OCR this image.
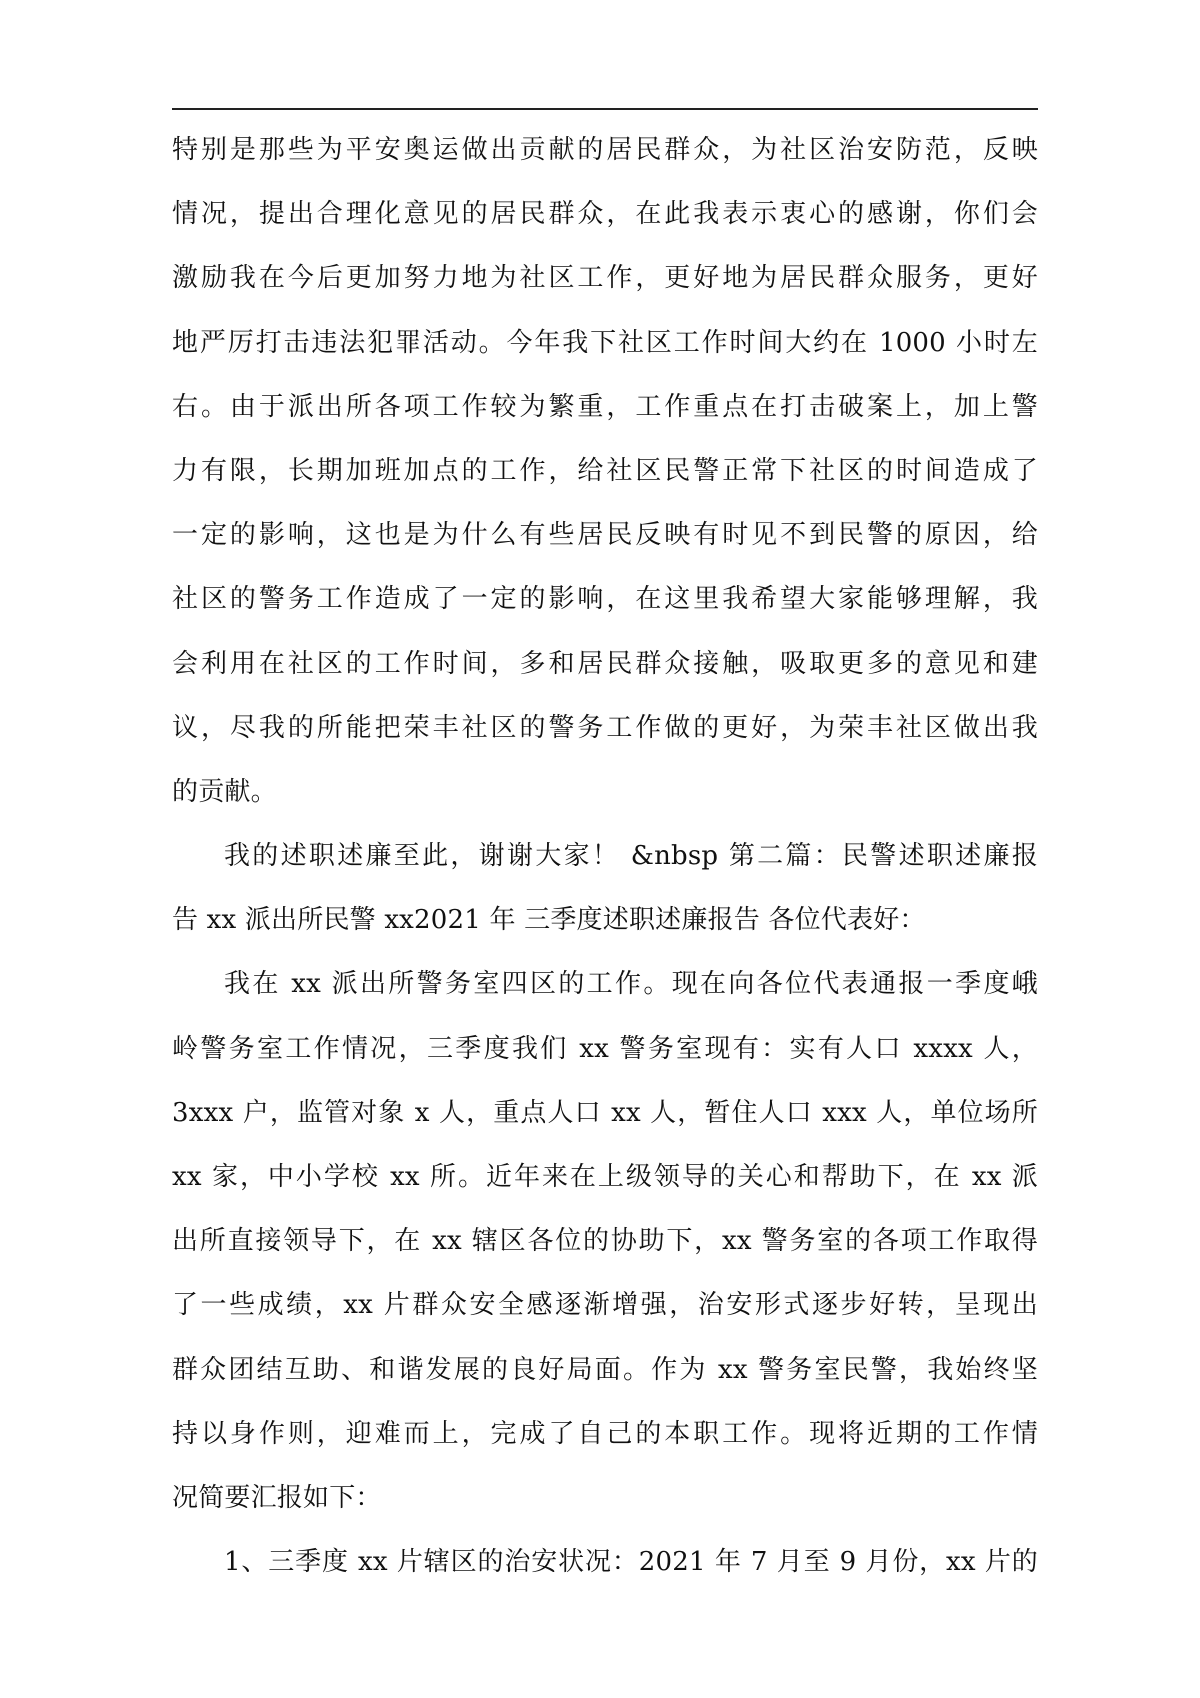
特别是那些为平安奥运做出贡献的居民群众，为社区治安防范，反映
情况，提出合理化意见的居民群众，在此我表示衷心的感谢，你们会
激励我在今后更加努力地为社区工作，更好地为居民群众服务，更好
地严厉打击违法犯罪活动。今年我下社区工作时间大约在 1000 小时左
右。由于派出所各项工作较为繁重，工作重点在打击破案上，加上警
力有限，长期加班加点的工作，给社区民警正常下社区的时间造成了
一定的影响，这也是为什么有些居民反映有时见不到民警的原因，给
社区的警务工作造成了一定的影响，在这里我希望大家能够理解，我
会利用在社区的工作时间，多和居民群众接触，吸取更多的意见和建
议，尽我的所能把荣丰社区的警务工作做的更好，为荣丰社区做出我
的贡献。
我的述职述廉至此，谢谢大家！ &nbsp 第二篇：民警述职述廉报
告 xx 派出所民警 xx2021 年 三季度述职述廉报告 各位代表好：
我在 xx 派出所警务室四区的工作。现在向各位代表通报一季度峨
岭警务室工作情况，三季度我们 xx 警务室现有：实有人口 xxxx 人，
3xxx 户，监管对象 x 人，重点人口 xx 人，暂住人口 xxx 人，单位场所
xx 家，中小学校 xx 所。近年来在上级领导的关心和帮助下，在 xx 派
出所直接领导下，在 xx 辖区各位的协助下，xx 警务室的各项工作取得
了一些成绩，xx 片群众安全感逐渐增强，治安形式逐步好转，呈现出
群众团结互助、和谐发展的良好局面。作为 xx 警务室民警，我始终坚
持以身作则，迎难而上，完成了自己的本职工作。现将近期的工作情
况简要汇报如下：
1、三季度 xx 片辖区的治安状况：2021 年 7 月至 9 月份，xx 片的
